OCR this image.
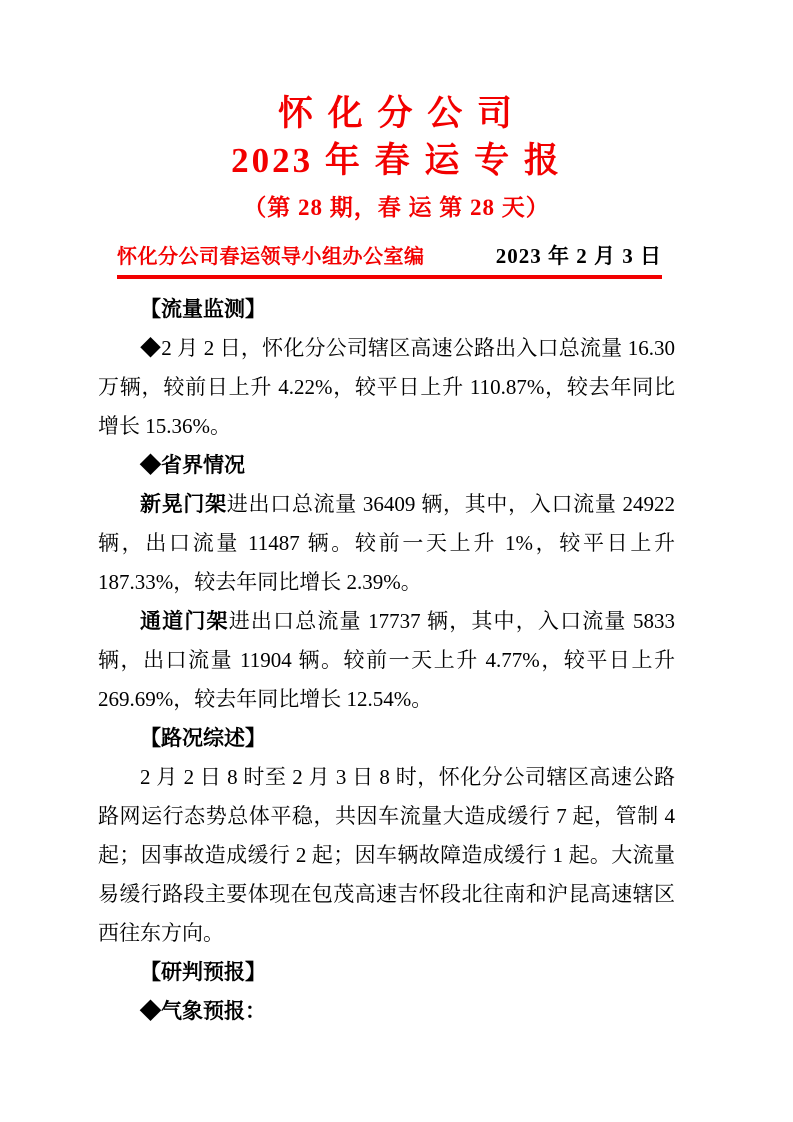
怀 化 分 公 司
2023 年 春 运 专 报
（第 28 期，春 运 第 28 天）
怀化分公司春运领导小组办公室编	2023 年 2 月 3 日

【流量监测】

◆2 月 2 日，怀化分公司辖区高速公路出入口总流量 16.30 万辆，较前日上升 4.22%，较平日上升 110.87%，较去年同比增长 15.36%。

◆省界情况

新晃门架进出口总流量 36409 辆，其中，入口流量 24922 辆，出口流量 11487 辆。较前一天上升 1%，较平日上升 187.33%，较去年同比增长 2.39%。

通道门架进出口总流量 17737 辆，其中，入口流量 5833 辆，出口流量 11904 辆。较前一天上升 4.77%，较平日上升 269.69%，较去年同比增长 12.54%。

【路况综述】

2 月 2 日 8 时至 2 月 3 日 8 时，怀化分公司辖区高速公路路网运行态势总体平稳，共因车流量大造成缓行 7 起，管制 4 起；因事故造成缓行 2 起；因车辆故障造成缓行 1 起。大流量易缓行路段主要体现在包茂高速吉怀段北往南和沪昆高速辖区西往东方向。

【研判预报】

◆气象预报：
